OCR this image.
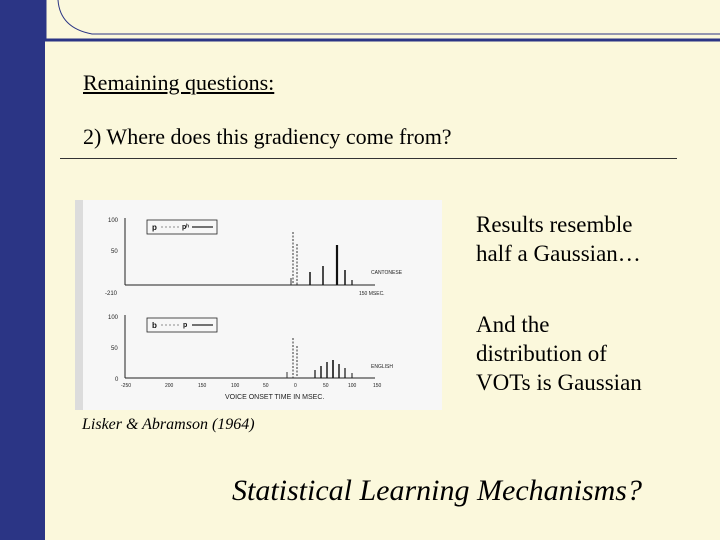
Remaining questions:
2) Where does this gradiency come from?
100
50
-210	150 MSEC.
p	pʰ
CANTONESE
100
50
0
b	p
ENGLISH
-250	200	150	100	50	0	50	100	150
VOICE ONSET TIME IN MSEC.
Lisker & Abramson (1964)
Results resemble
half a Gaussian…
And the
distribution of
VOTs is Gaussian
Statistical Learning Mechanisms?
